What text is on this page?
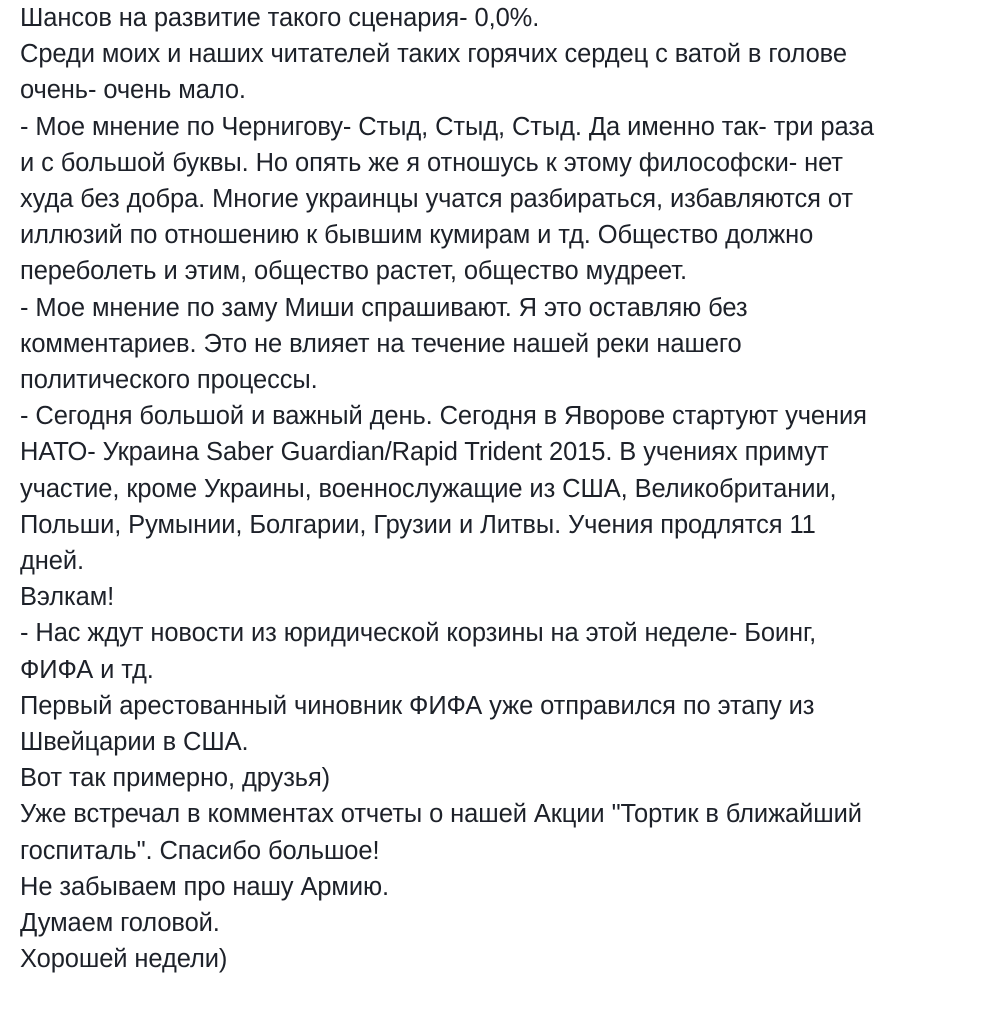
Шансов на развитие такого сценария- 0,0%.
Среди моих и наших читателей таких горячих сердец с ватой в голове
очень- очень мало.
- Мое мнение по Чернигову- Стыд, Стыд, Стыд. Да именно так- три раза
и с большой буквы. Но опять же я отношусь к этому философски- нет
худа без добра. Многие украинцы учатся разбираться, избавляются от
иллюзий по отношению к бывшим кумирам и тд. Общество должно
переболеть и этим, общество растет, общество мудреет.
- Мое мнение по заму Миши спрашивают. Я это оставляю без
комментариев. Это не влияет на течение нашей реки нашего
политического процессы.
- Сегодня большой и важный день. Сегодня в Яворове стартуют учения
НАТО- Украина Saber Guardian/Rapid Trident 2015. В учениях примут
участие, кроме Украины, военнослужащие из США, Великобритании,
Польши, Румынии, Болгарии, Грузии и Литвы. Учения продлятся 11
дней.
Вэлкам!
- Нас ждут новости из юридической корзины на этой неделе- Боинг,
ФИФА и тд.
Первый арестованный чиновник ФИФА уже отправился по этапу из
Швейцарии в США.
Вот так примерно, друзья)
Уже встречал в комментах отчеты о нашей Акции "Тортик в ближайший
госпиталь". Спасибо большое!
Не забываем про нашу Армию.
Думаем головой.
Хорошей недели)
